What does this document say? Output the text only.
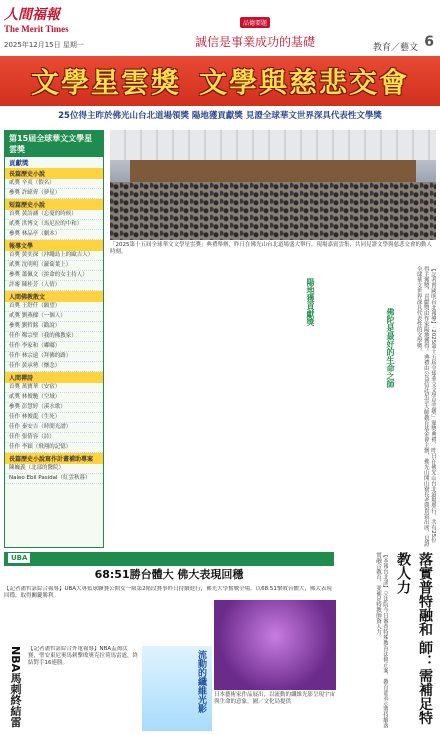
人間福報
The Merit Times
2025年12月15日 星期一
品德要題
誠信是事業成功的基礎	教育／藝文 6
文學星雲獎 文學與慈悲交會
25位得主昨於佛光山台北道場領獎 陽地獲貢獻獎 見證全球華文世界深具代表性文學獎
第15屆全球華文文學星雲獎
貢獻獎
長篇歷史小說
貳獎 辛夷（假名）
參獎 許暐齊（夢星）
短篇歷史小說
首獎 黃詩涵（忘憂的時候）
貳獎 洪博文（馬尼拉的中和）
參獎 林品亭（劇本）
報導文學
首獎 黃奕深（沖繩島上的歐吉人）
貳獎 沈明明（蘿蔔葉上）
參獎 蕭佩文（拚命的女主持人）
評審 陳桂芳（人情）
人間佛教散文
首獎 王舒仟（願望）
貳獎 劉燕樑（一個人）
參獎 劉哲銘（勸說）
佳作 鄭宗聖（我的佛教家）
佳作 李家和（嘟嘟）
佳作 林宗遠（拜佛的路）
佳作 黃承勢（懷念）
人間禪詩
首獎 萬寶華（安宿）
貳獎 林俊馳（空域）
參獎 彭慧婷（溪水歌）
佳作 林俊龍（生死）
佳作 秦安吉（時間光譜）
佳作 張倩容（詩）
佳作 李穎（飛翔的記憶）
長篇歷史小說寫作計畫補助專案
陳巍義（北部的醫院）
Naleo Ebil Pasidal（紅雲秋暮）
「2025第十五屆全球華文文學星雲獎」典禮舉辦，昨日在佛光山台北道場盛大舉行，現場嘉賓雲集，共同見證文學與慈悲交會的動人時刻。
【記者曾國明台北報導】「2025第十五屆全球華文文學星雲獎」頒獎典禮，昨日在佛光山台北道場舉行，共有25位得主獲獎，貢獻獎由作家陽地獲得。典禮由公益信託星雲大師教育基金會主辦，佛光山開山寮長老與貴賓出席，見證全球華文世界深具代表性的文學獎。
陽地獲貢獻獎
佛陀是最好的生命之師
UBA
68:51勝台體大 佛大表現回穩
【記者潘哲諺綜合報導】UBA大專籃球聯賽公開女一級第2階段賽事昨日持續進行，佛光大學奮戰全場，以68:51擊敗台體大，佛大表現回穩，取得關鍵勝利。
NBA馬刺終結雷
【記者潘哲諺綜合外電報導】NBA盃淘汰賽，聖安東尼奧馬刺擊敗奧克拉荷馬雷霆，終結對手16連勝。	流動的纖維光影	日本藝術家作品展出，以流動的纖維光影呈現宇宙與生命的意象。圖／文化局提供	【本報台北訊】立法院今日審查特殊教育法修正案，教育部表示將持續落實融合教育，並補足特教師資人力。	落實普特融和 師：需補足特教人力
